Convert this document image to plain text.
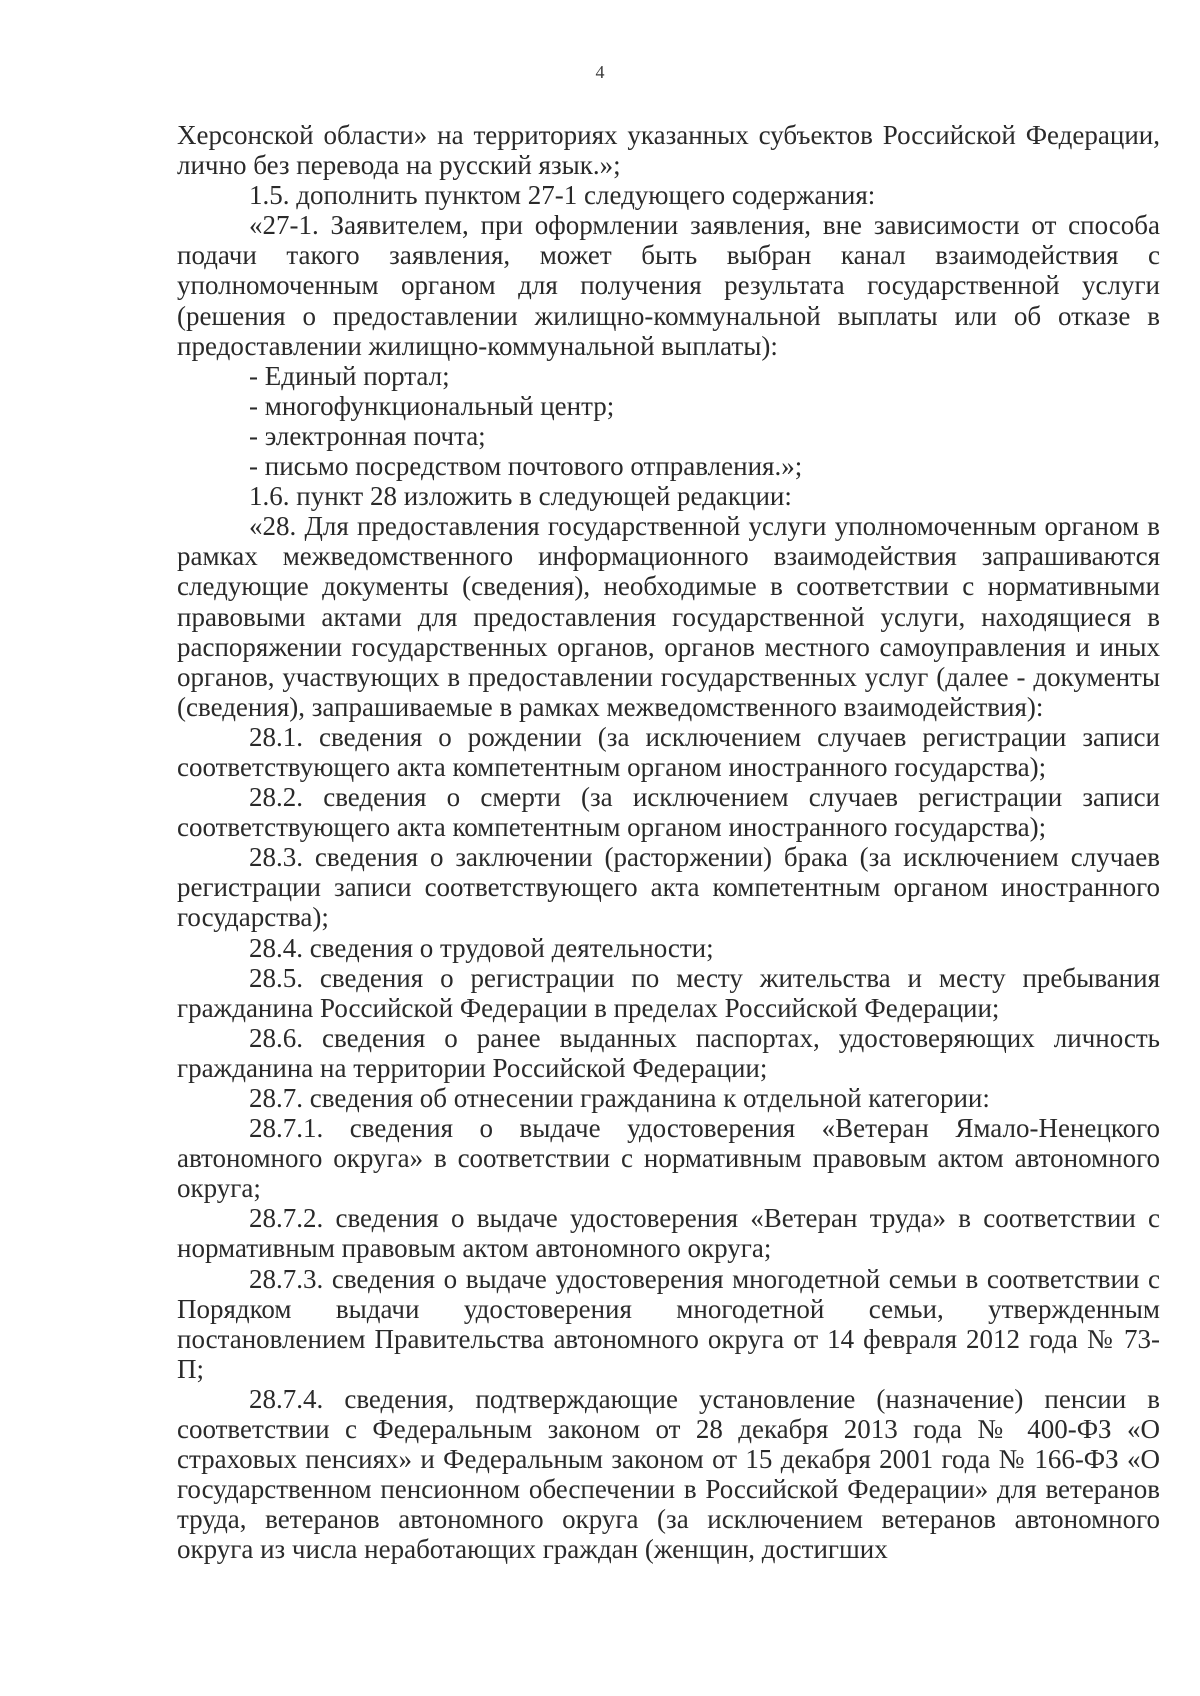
4

Херсонской области» на территориях указанных субъектов Российской Федерации, лично без перевода на русский язык.»;

1.5. дополнить пунктом 27-1 следующего содержания:

«27-1. Заявителем, при оформлении заявления, вне зависимости от способа подачи такого заявления, может быть выбран канал взаимодействия с уполномоченным органом для получения результата государственной услуги (решения о предоставлении жилищно-коммунальной выплаты или об отказе в предоставлении жилищно-коммунальной выплаты):

- Единый портал;

- многофункциональный центр;

- электронная почта;

- письмо посредством почтового отправления.»;

1.6. пункт 28 изложить в следующей редакции:

«28. Для предоставления государственной услуги уполномоченным органом в рамках межведомственного информационного взаимодействия запрашиваются следующие документы (сведения), необходимые в соответствии с нормативными правовыми актами для предоставления государственной услуги, находящиеся в распоряжении государственных органов, органов местного самоуправления и иных органов, участвующих в предоставлении государственных услуг (далее - документы (сведения), запрашиваемые в рамках межведомственного взаимодействия):

28.1. сведения о рождении (за исключением случаев регистрации записи соответствующего акта компетентным органом иностранного государства);

28.2. сведения о смерти (за исключением случаев регистрации записи соответствующего акта компетентным органом иностранного государства);

28.3. сведения о заключении (расторжении) брака (за исключением случаев регистрации записи соответствующего акта компетентным органом иностранного государства);

28.4. сведения о трудовой деятельности;

28.5. сведения о регистрации по месту жительства и месту пребывания гражданина Российской Федерации в пределах Российской Федерации;

28.6. сведения о ранее выданных паспортах, удостоверяющих личность гражданина на территории Российской Федерации;

28.7. сведения об отнесении гражданина к отдельной категории:

28.7.1. сведения о выдаче удостоверения «Ветеран Ямало-Ненецкого автономного округа» в соответствии с нормативным правовым актом автономного округа;

28.7.2. сведения о выдаче удостоверения «Ветеран труда» в соответствии с нормативным правовым актом автономного округа;

28.7.3. сведения о выдаче удостоверения многодетной семьи в соответствии с Порядком выдачи удостоверения многодетной семьи, утвержденным постановлением Правительства автономного округа от 14 февраля 2012 года № 73-П;

28.7.4. сведения, подтверждающие установление (назначение) пенсии в соответствии с Федеральным законом от 28 декабря 2013 года № 400-ФЗ «О страховых пенсиях» и Федеральным законом от 15 декабря 2001 года № 166-ФЗ «О государственном пенсионном обеспечении в Российской Федерации» для ветеранов труда, ветеранов автономного округа (за исключением ветеранов автономного округа из числа неработающих граждан (женщин, достигших
